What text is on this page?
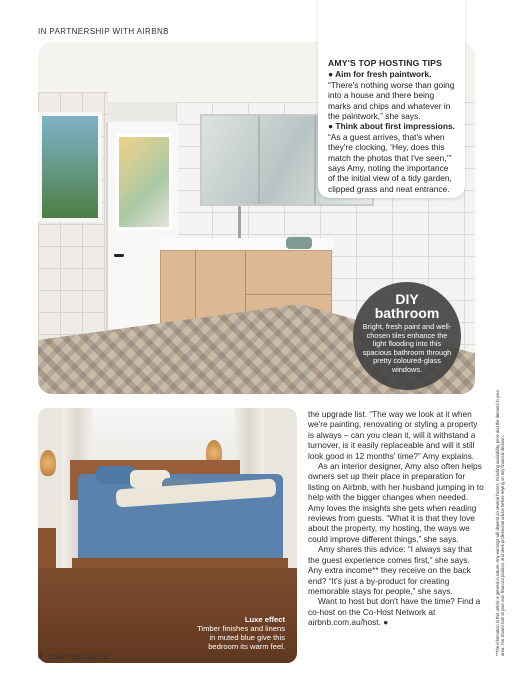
IN PARTNERSHIP WITH AIRBNB
AMY'S TOP HOSTING TIPS
● Aim for fresh paintwork. “There's nothing worse than going into a house and there being marks and chips and whatever in the paintwork,” she says.
● Think about first impressions. “As a guest arrives, that's when they're clocking, ‘Hey, does this match the photos that I've seen,’” says Amy, noting the importance of the initial view of a tidy garden, clipped grass and neat entrance.
DIY
bathroom
Bright, fresh paint and well-chosen tiles enhance the light flooding into this spacious bathroom through pretty coloured-glass windows.
Luxe effect
Timber finishes and linens in muted blue give this bedroom its warm feel.

the upgrade list. “The way we look at it when we're painting, renovating or styling a property is always – can you clean it, will it withstand a turnover, is it easily replaceable and will it still look good in 12 months' time?” Amy explains.

As an interior designer, Amy also often helps owners set up their place in preparation for listing on Airbnb, with her husband jumping in to help with the bigger changes when needed. Amy loves the insights she gets when reading reviews from guests. “What it is that they love about the property, my hosting, the ways we could improve different things,” she says.

Amy shares this advice: “I always say that the guest experience comes first,” she says. Any extra income** they receive on the back end? “It's just a by-product for creating memorable stays for people,” she says.

Want to host but don't have the time? Find a co-host on the Co-Host Network at airbnb.com.au/host. ●	**The information in this article is general in nature. Any earnings will depend on several factors, including availability, price and the demand in your area. You should look at your own financial position, and seek professional advice before relying on any financial decision.
6 bunnings.com.au
